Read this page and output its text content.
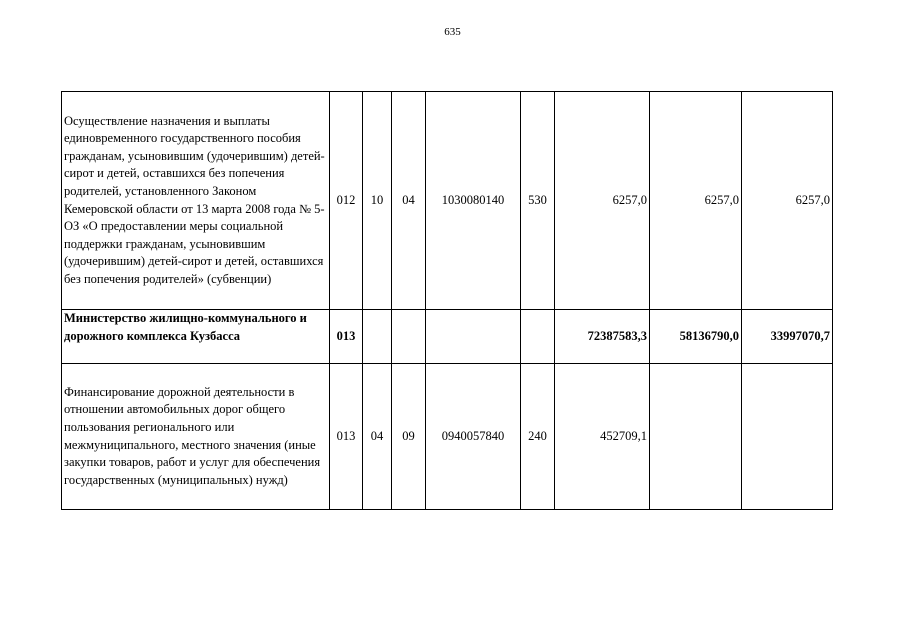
635
Осуществление назначения и выплаты единовременного государственного пособия гражданам, усыновившим (удочерившим) детей-сирот и детей, оставшихся без попечения родителей, установленного Законом Кемеровской области от 13 марта 2008 года № 5-ОЗ «О предоставлении меры социальной поддержки гражданам, усыновившим (удочерившим) детей-сирот и детей, оставшихся без попечения родителей» (субвенции)	012	10	04	1030080140	530	6257,0	6257,0	6257,0
Министерство жилищно-коммунального и дорожного комплекса Кузбасса	013					72387583,3	58136790,0	33997070,7
Финансирование дорожной деятельности в отношении автомобильных дорог общего пользования регионального или межмуниципального, местного значения (иные закупки товаров, работ и услуг для обеспечения государственных (муниципальных) нужд)	013	04	09	0940057840	240	452709,1		
